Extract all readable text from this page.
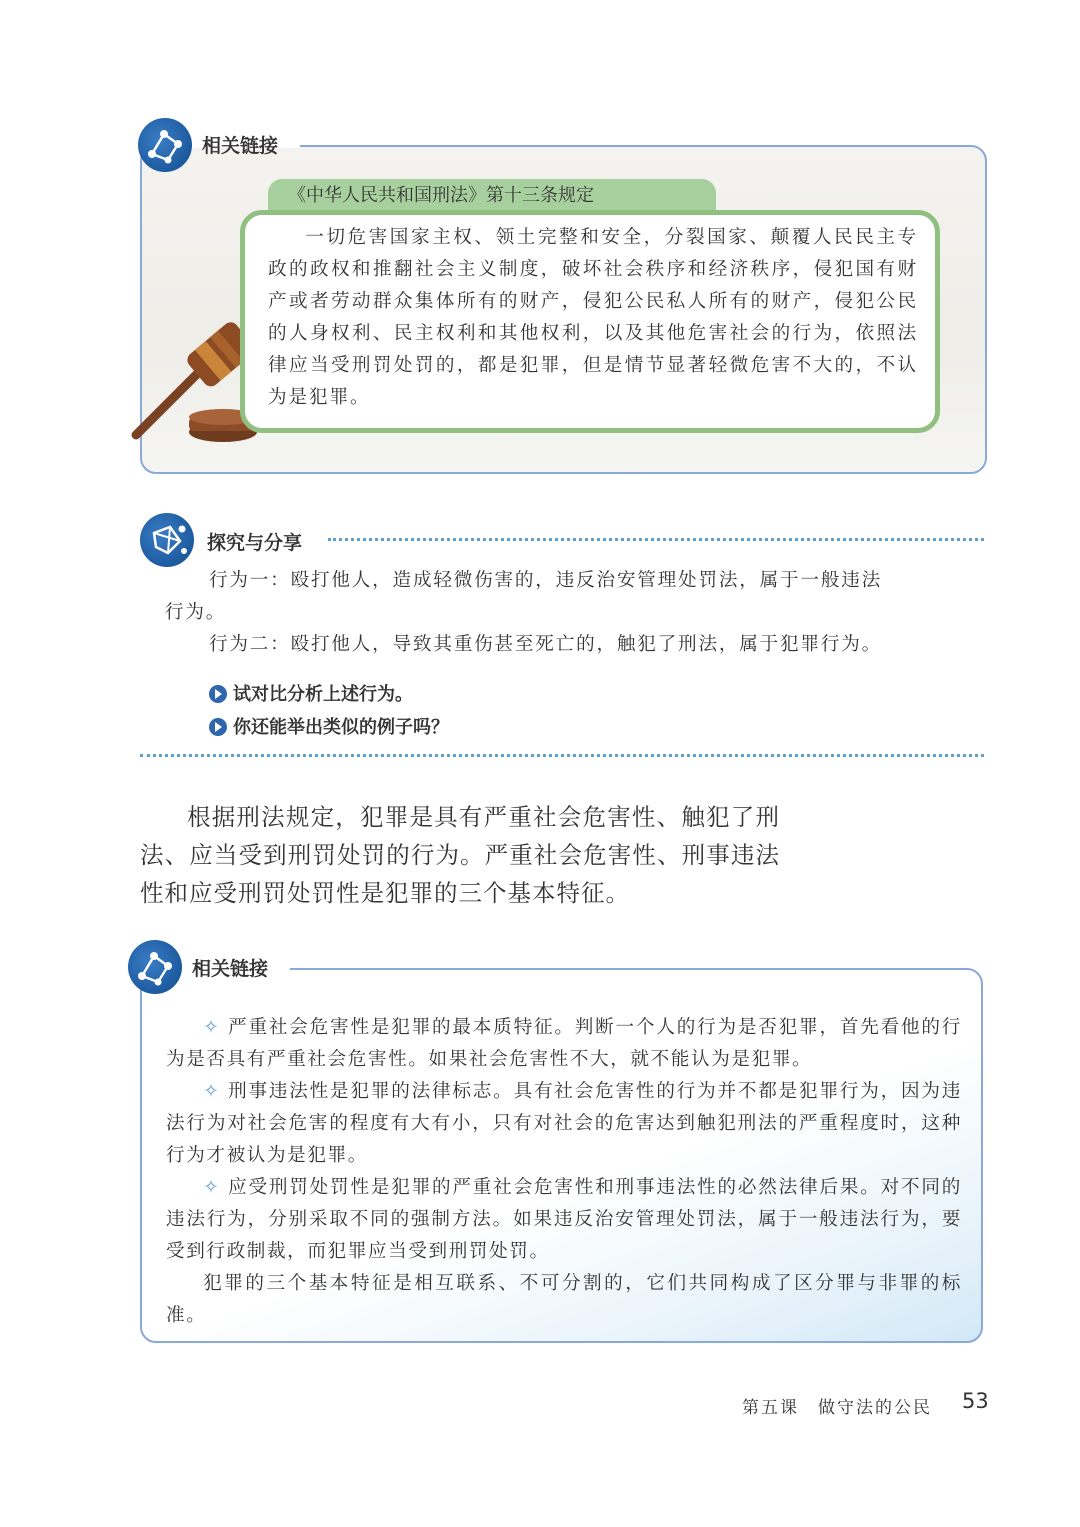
相关链接
《中华人民共和国刑法》第十三条规定
一切危害国家主权、领土完整和安全，分裂国家、颠覆人民民主专政的政权和推翻社会主义制度，破坏社会秩序和经济秩序，侵犯国有财产或者劳动群众集体所有的财产，侵犯公民私人所有的财产，侵犯公民的人身权利、民主权利和其他权利，以及其他危害社会的行为，依照法律应当受刑罚处罚的，都是犯罪，但是情节显著轻微危害不大的，不认为是犯罪。
探究与分享
行为一：殴打他人，造成轻微伤害的，违反治安管理处罚法，属于一般违法
行为。
行为二：殴打他人，导致其重伤甚至死亡的，触犯了刑法，属于犯罪行为。
试对比分析上述行为。
你还能举出类似的例子吗？
根据刑法规定，犯罪是具有严重社会危害性、触犯了刑法、应当受到刑罚处罚的行为。严重社会危害性、刑事违法性和应受刑罚处罚性是犯罪的三个基本特征。
相关链接

✧ 严重社会危害性是犯罪的最本质特征。判断一个人的行为是否犯罪，首先看他的行为是否具有严重社会危害性。如果社会危害性不大，就不能认为是犯罪。

✧ 刑事违法性是犯罪的法律标志。具有社会危害性的行为并不都是犯罪行为，因为违法行为对社会危害的程度有大有小，只有对社会的危害达到触犯刑法的严重程度时，这种行为才被认为是犯罪。

✧ 应受刑罚处罚性是犯罪的严重社会危害性和刑事违法性的必然法律后果。对不同的违法行为，分别采取不同的强制方法。如果违反治安管理处罚法，属于一般违法行为，要受到行政制裁，而犯罪应当受到刑罚处罚。

犯罪的三个基本特征是相互联系、不可分割的，它们共同构成了区分罪与非罪的标准。

第五课　做守法的公民 53
